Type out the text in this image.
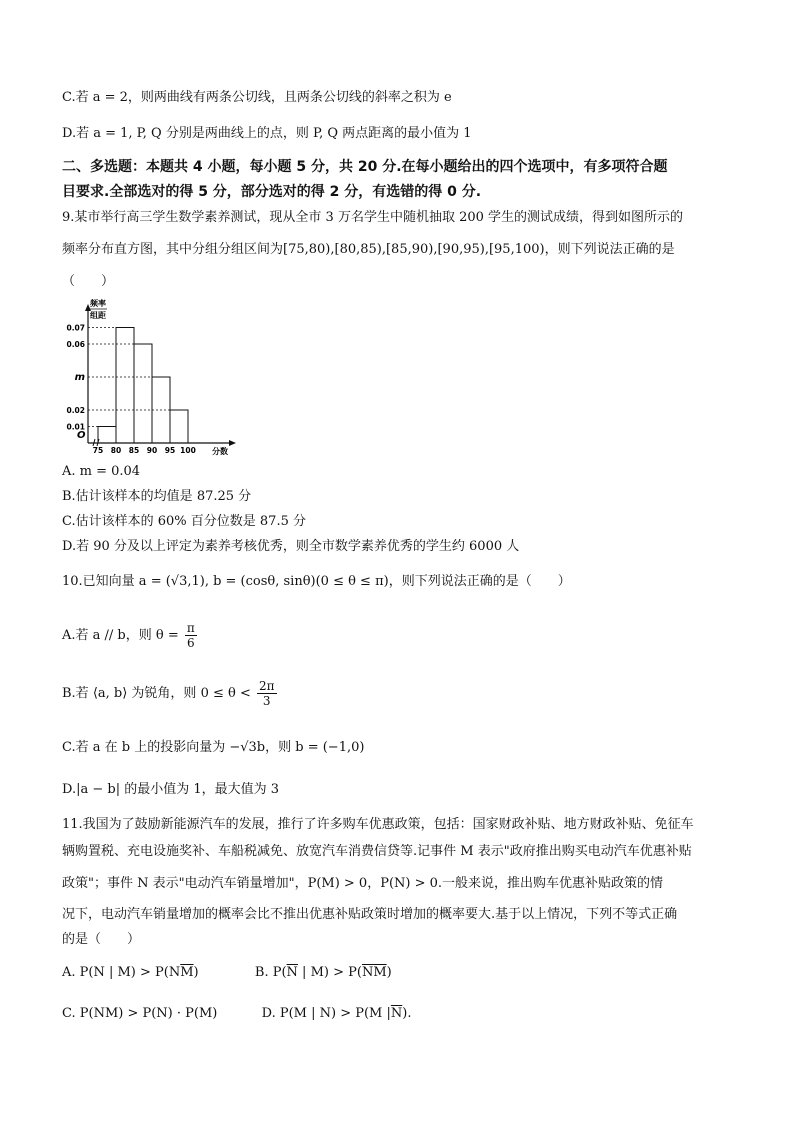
C.若 a = 2，则两曲线有两条公切线，且两条公切线的斜率之积为 e
D.若 a = 1, P, Q 分别是两曲线上的点，则 P, Q 两点距离的最小值为 1
二、多选题：本题共 4 小题，每小题 5 分，共 20 分.在每小题给出的四个选项中，有多项符合题
目要求.全部选对的得 5 分，部分选对的得 2 分，有选错的得 0 分.
9.某市举行高三学生数学素养测试，现从全市 3 万名学生中随机抽取 200 学生的测试成绩，得到如图所示的
频率分布直方图，其中分组分组区间为[75,80),[80,85),[85,90),[90,95),[95,100)，则下列说法正确的是
（　　）
频率
组距
分数
O
0.07
0.06
m
0.02
0.01
75 80 85 90 95 100
A. m = 0.04
B.估计该样本的均值是 87.25 分
C.估计该样本的 60% 百分位数是 87.5 分
D.若 90 分及以上评定为素养考核优秀，则全市数学素养优秀的学生约 6000 人
10.已知向量 a = (√3,1), b = (cosθ, sinθ)(0 ≤ θ ≤ π)，则下列说法正确的是（　　）
A.若 a // b，则 $\theta = \frac{\pi}{6}$
B.若 ⟨a, b⟩ 为锐角，则 $0 \le \theta < \frac{2\pi}{3}$
C.若 a 在 b 上的投影向量为 −√3b，则 b = (−1,0)
D.|a − b| 的最小值为 1，最大值为 3
11.我国为了鼓励新能源汽车的发展，推行了许多购车优惠政策，包括：国家财政补贴、地方财政补贴、免征车
辆购置税、充电设施奖补、车船税减免、放宽汽车消费信贷等.记事件 M 表示"政府推出购买电动汽车优惠补贴
政策"；事件 N 表示"电动汽车销量增加"，P(M) > 0，P(N) > 0.一般来说，推出购车优惠补贴政策的情
况下，电动汽车销量增加的概率会比不推出优惠补贴政策时增加的概率要大.基于以上情况，下列不等式正确
的是（　　）
A. P(N | $M) > P(N\overline{M})$	B. $P(\overline{N}$ | $M) > P(\overline{NM})$
C. P(NM) > P(N) · P(M)	D. P(M | N) > P(M $|\overline{N}$).
